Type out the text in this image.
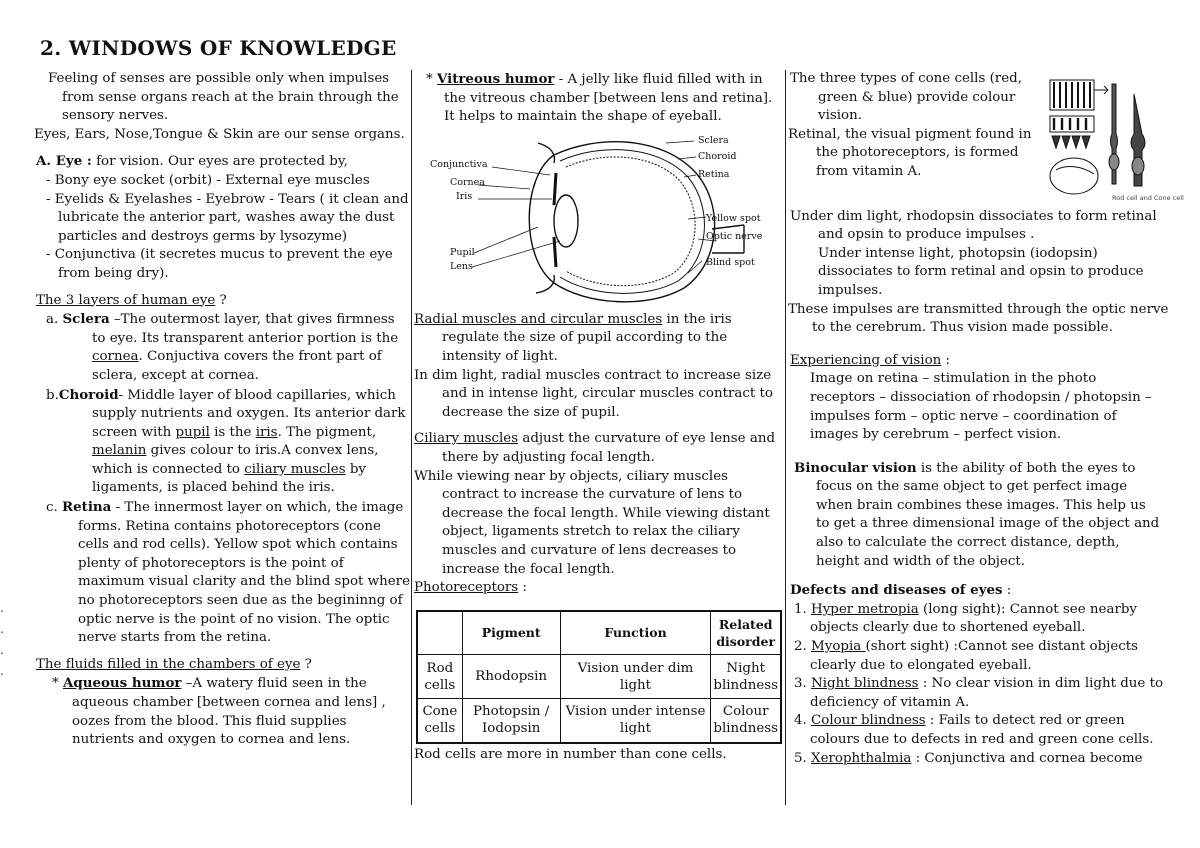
2. WINDOWS OF KNOWLEDGE

Feeling of senses are possible only when impulses from sense organs reach at the brain through the sensory nerves.

Eyes, Ears, Nose,Tongue & Skin are our sense organs.

A. Eye : for vision. Our eyes are protected by,

- Bony eye socket (orbit) - External eye muscles

- Eyelids & Eyelashes - Eyebrow - Tears ( it clean and lubricate the anterior part, washes away the dust particles and destroys germs by lysozyme)

- Conjunctiva (it secretes mucus to prevent the eye from being dry).

The 3 layers of human eye ?

a. Sclera –The outermost layer, that gives firmness to eye. Its transparent anterior portion is the cornea. Conjuctiva covers the front part of sclera, except at cornea.

b.Choroid- Middle layer of blood capillaries, which supply nutrients and oxygen. Its anterior dark screen with pupil is the iris. The pigment, melanin gives colour to iris.A convex lens, which is connected to ciliary muscles by ligaments, is placed behind the iris.

c. Retina - The innermost layer on which, the image forms. Retina contains photoreceptors (cone cells and rod cells). Yellow spot which contains plenty of photoreceptors is the point of maximum visual clarity and the blind spot where no photoreceptors seen due as the begininng of optic nerve is the point of no vision. The optic nerve starts from the retina.

The fluids filled in the chambers of eye ?

* Aqueous humor –A watery fluid seen in the aqueous chamber [between cornea and lens] , oozes from the blood. This fluid supplies nutrients and oxygen to cornea and lens.

.
.
.
.

* Vitreous humor - A jelly like fluid filled with in the vitreous chamber [between lens and retina]. It helps to maintain the shape of eyeball.

Sclera
Choroid
Retina
Conjunctiva
Cornea
Iris
Yellow spot
Optic nerve
Pupil
Lens	Blind spot

Radial muscles and circular muscles in the iris regulate the size of pupil according to the intensity of light.

In dim light, radial muscles contract to increase size and in intense light, circular muscles contract to decrease the size of pupil.

Ciliary muscles adjust the curvature of eye lense and there by adjusting focal length.

While viewing near by objects, ciliary muscles contract to increase the curvature of lens to decrease the focal length. While viewing distant object, ligaments stretch to relax the ciliary muscles and curvature of lens decreases to increase the focal length.

Photoreceptors :

	Pigment	Function	Related disorder
Rod cells	Rhodopsin	Vision under dim light	Night blindness
Cone cells	Photopsin / Iodopsin	Vision under intense light	Colour blindness

Rod cells are more in number than cone cells.

Rod cell and Cone cell

The three types of cone cells (red, green & blue) provide colour vision.

Retinal, the visual pigment found in the photoreceptors, is formed from vitamin A.

Under dim light, rhodopsin dissociates to form retinal and opsin to produce impulses .

Under intense light, photopsin (iodopsin) dissociates to form retinal and opsin to produce impulses.

These impulses are transmitted through the optic nerve to the cerebrum. Thus vision made possible.

Experiencing of vision :

Image on retina – stimulation in the photo receptors – dissociation of rhodopsin / photopsin – impulses form – optic nerve – coordination of images by cerebrum – perfect vision.

Binocular vision is the ability of both the eyes to focus on the same object to get perfect image when brain combines these images. This help us to get a three dimensional image of the object and also to calculate the correct distance, depth, height and width of the object.

Defects and diseases of eyes :

1. Hyper metropia (long sight): Cannot see nearby objects clearly due to shortened eyeball.

2. Myopia (short sight) :Cannot see distant objects clearly due to elongated eyeball.

3. Night blindness : No clear vision in dim light due to deficiency of vitamin A.

4. Colour blindness : Fails to detect red or green colours due to defects in red and green cone cells.

5. Xerophthalmia : Conjunctiva and cornea become
